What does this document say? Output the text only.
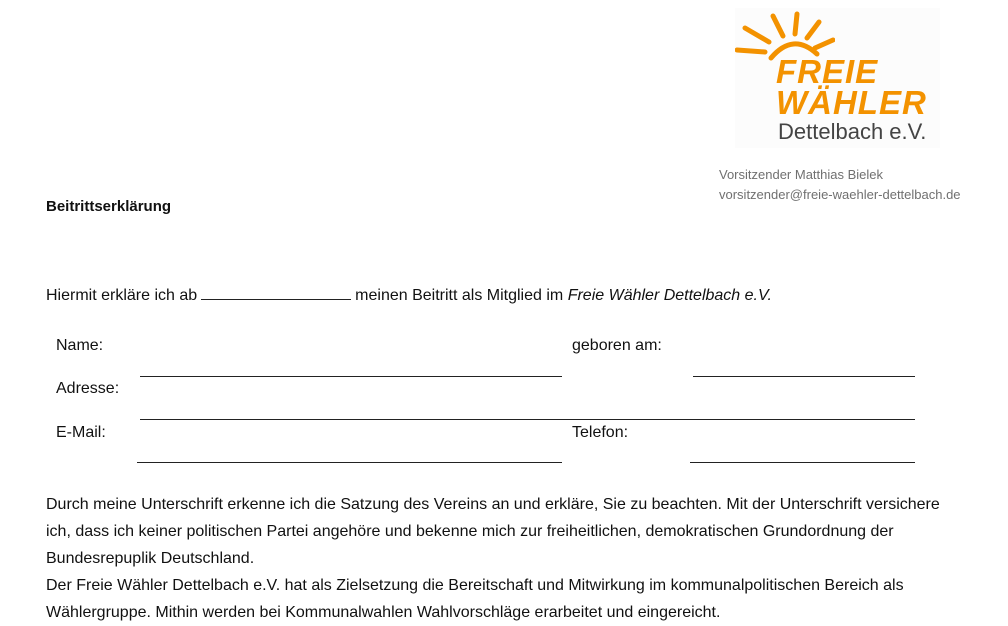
FREIE
WÄHLER
Dettelbach e.V.
Vorsitzender Matthias Bielek
vorsitzender@freie-waehler-dettelbach.de
Beitrittserklärung
Hiermit erkläre ich ab	meinen Beitritt als Mitglied im Freie Wähler Dettelbach e.V.
Name:	geboren am:
Adresse:
E-Mail:	Telefon:

Durch meine Unterschrift erkenne ich die Satzung des Vereins an und erkläre, Sie zu beachten. Mit der Unterschrift versichere ich, dass ich keiner politischen Partei angehöre und bekenne mich zur freiheitlichen, demokratischen Grundordnung der Bundesrepuplik Deutschland.

Der Freie Wähler Dettelbach e.V. hat als Zielsetzung die Bereitschaft und Mitwirkung im kommunalpolitischen Bereich als Wählergruppe. Mithin werden bei Kommunalwahlen Wahlvorschläge erarbeitet und eingereicht.
